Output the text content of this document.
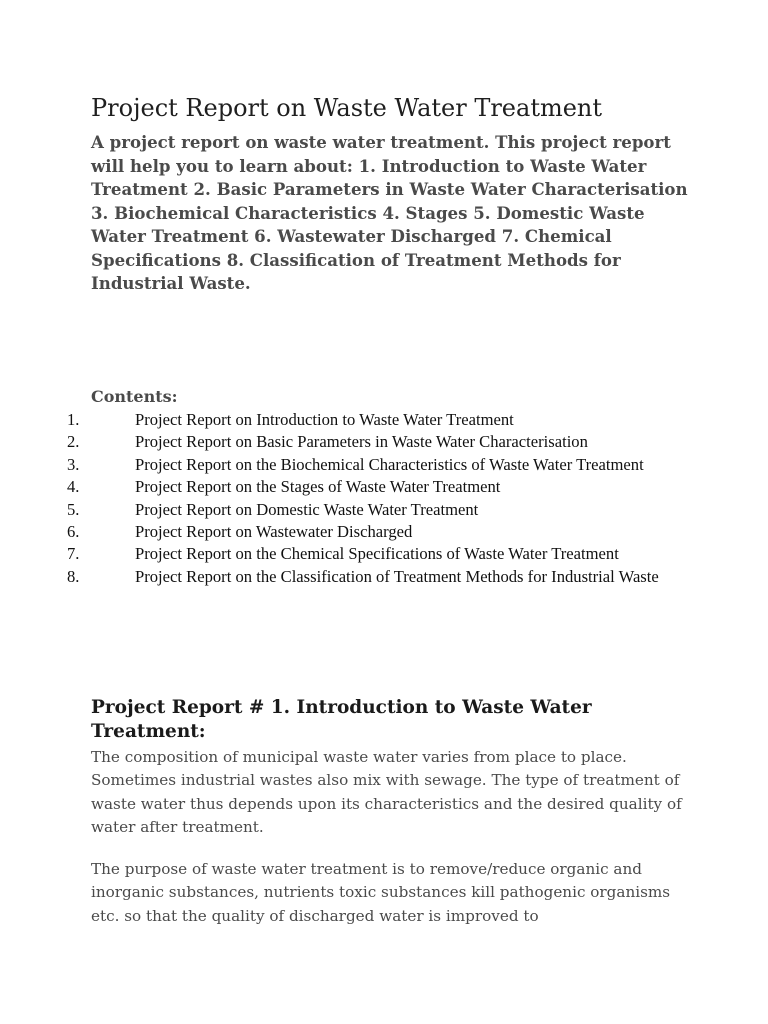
Project Report on Waste Water Treatment

A project report on waste water treatment. This project report will help you to learn about: 1. Introduction to Waste Water Treatment 2. Basic Parameters in Waste Water Characterisation 3. Biochemical Characteristics 4. Stages 5. Domestic Waste Water Treatment 6. Wastewater Discharged 7. Chemical Specifications 8. Classification of Treatment Methods for Industrial Waste.

Contents:
1.	Project Report on Introduction to Waste Water Treatment
2.	Project Report on Basic Parameters in Waste Water Characterisation
3.	Project Report on the Biochemical Characteristics of Waste Water Treatment
4.	Project Report on the Stages of Waste Water Treatment
5.	Project Report on Domestic Waste Water Treatment
6.	Project Report on Wastewater Discharged
7.	Project Report on the Chemical Specifications of Waste Water Treatment
8.	Project Report on the Classification of Treatment Methods for Industrial Waste
Project Report # 1. Introduction to Waste Water Treatment:

The composition of municipal waste water varies from place to place. Sometimes industrial wastes also mix with sewage. The type of treatment of waste water thus depends upon its characteristics and the desired quality of water after treatment.

The purpose of waste water treatment is to remove/reduce organic and inorganic substances, nutrients toxic substances kill pathogenic organisms etc. so that the quality of discharged water is improved to
